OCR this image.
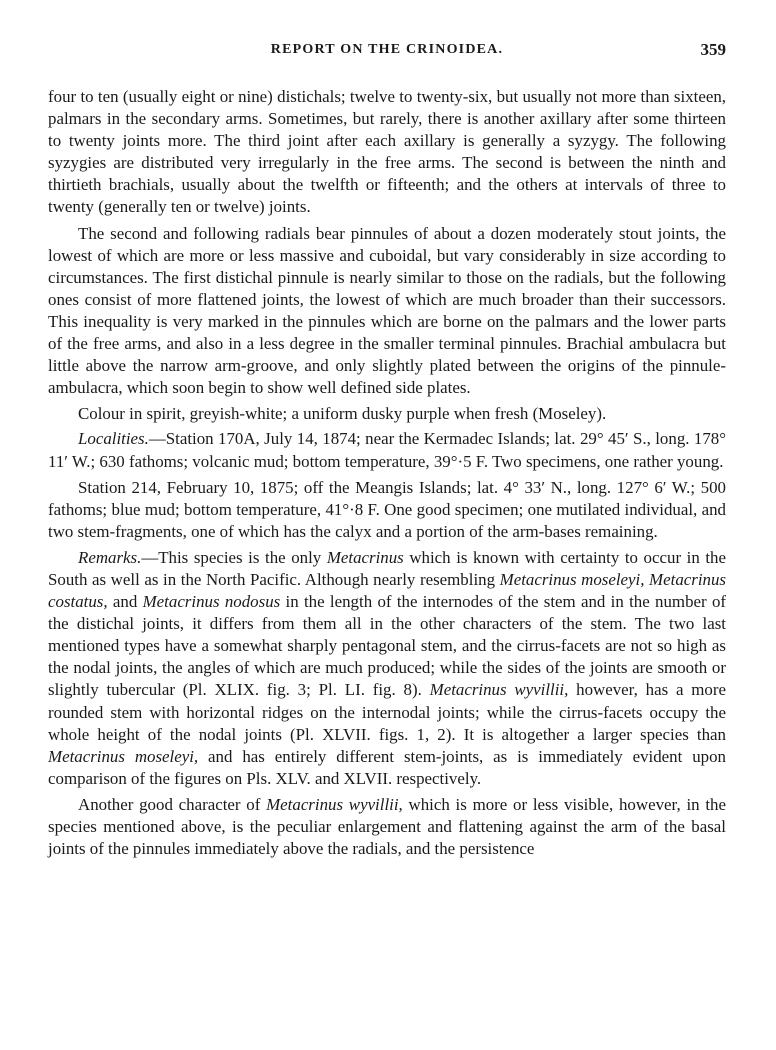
REPORT ON THE CRINOIDEA.	359

four to ten (usually eight or nine) distichals; twelve to twenty-six, but usually not more than sixteen, palmars in the secondary arms. Sometimes, but rarely, there is another axillary after some thirteen to twenty joints more. The third joint after each axillary is generally a syzygy. The following syzygies are distributed very irregularly in the free arms. The second is between the ninth and thirtieth brachials, usually about the twelfth or fifteenth; and the others at intervals of three to twenty (generally ten or twelve) joints.

The second and following radials bear pinnules of about a dozen moderately stout joints, the lowest of which are more or less massive and cuboidal, but vary considerably in size according to circumstances. The first distichal pinnule is nearly similar to those on the radials, but the following ones consist of more flattened joints, the lowest of which are much broader than their successors. This inequality is very marked in the pinnules which are borne on the palmars and the lower parts of the free arms, and also in a less degree in the smaller terminal pinnules. Brachial ambulacra but little above the narrow arm-groove, and only slightly plated between the origins of the pinnule-ambulacra, which soon begin to show well defined side plates.

Colour in spirit, greyish-white; a uniform dusky purple when fresh (Moseley).

Localities.—Station 170A, July 14, 1874; near the Kermadec Islands; lat. 29° 45′ S., long. 178° 11′ W.; 630 fathoms; volcanic mud; bottom temperature, 39°·5 F. Two specimens, one rather young.

Station 214, February 10, 1875; off the Meangis Islands; lat. 4° 33′ N., long. 127° 6′ W.; 500 fathoms; blue mud; bottom temperature, 41°·8 F. One good specimen; one mutilated individual, and two stem-fragments, one of which has the calyx and a portion of the arm-bases remaining.

Remarks.—This species is the only Metacrinus which is known with certainty to occur in the South as well as in the North Pacific. Although nearly resembling Metacrinus moseleyi, Metacrinus costatus, and Metacrinus nodosus in the length of the internodes of the stem and in the number of the distichal joints, it differs from them all in the other characters of the stem. The two last mentioned types have a somewhat sharply pentagonal stem, and the cirrus-facets are not so high as the nodal joints, the angles of which are much produced; while the sides of the joints are smooth or slightly tubercular (Pl. XLIX. fig. 3; Pl. LI. fig. 8). Metacrinus wyvillii, however, has a more rounded stem with horizontal ridges on the internodal joints; while the cirrus-facets occupy the whole height of the nodal joints (Pl. XLVII. figs. 1, 2). It is altogether a larger species than Metacrinus moseleyi, and has entirely different stem-joints, as is immediately evident upon comparison of the figures on Pls. XLV. and XLVII. respectively.

Another good character of Metacrinus wyvillii, which is more or less visible, however, in the species mentioned above, is the peculiar enlargement and flattening against the arm of the basal joints of the pinnules immediately above the radials, and the persistence
